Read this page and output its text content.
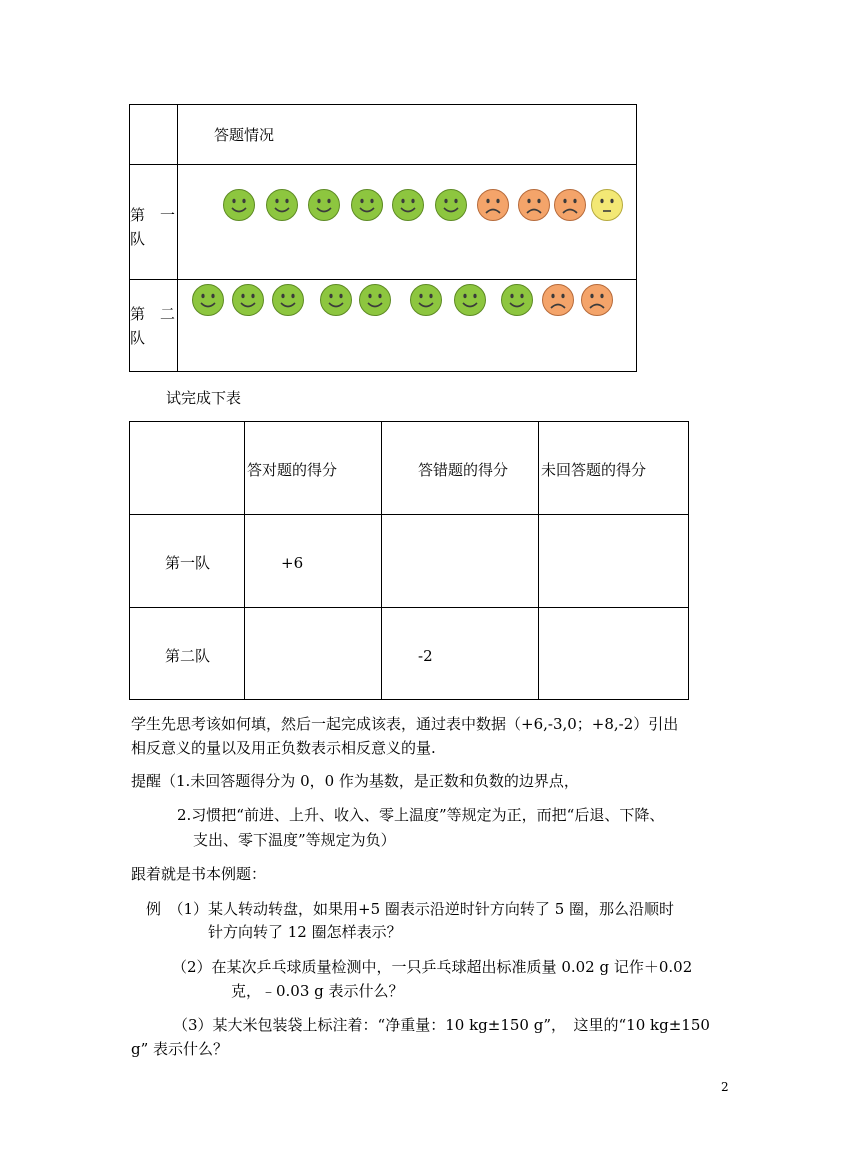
	答题情况

第　一队	

第　二队	

试完成下表

	答对题的得分	答错题的得分	未回答题的得分

第一队	+6		

第二队		-2	

学生先思考该如何填，然后一起完成该表，通过表中数据（+6,-3,0；+8,-2）引出
相反意义的量以及用正负数表示相反意义的量.
提醒（1.未回答题得分为 0，0 作为基数，是正数和负数的边界点，
2.习惯把“前进、上升、收入、零上温度”等规定为正，而把“后退、下降、
支出、零下温度”等规定为负）
跟着就是书本例题：
例　（1）某人转动转盘，如果用+5 圈表示沿逆时针方向转了 5 圈，那么沿顺时
针方向转了 12 圈怎样表示？
（2）在某次乒乓球质量检测中，一只乒乓球超出标准质量 0.02 g 记作＋0.02
克，﹣0.03 g 表示什么？
（3）某大米包装袋上标注着：“净重量：10 kg±150 g”，　这里的“10 kg±150
g” 表示什么？
2
